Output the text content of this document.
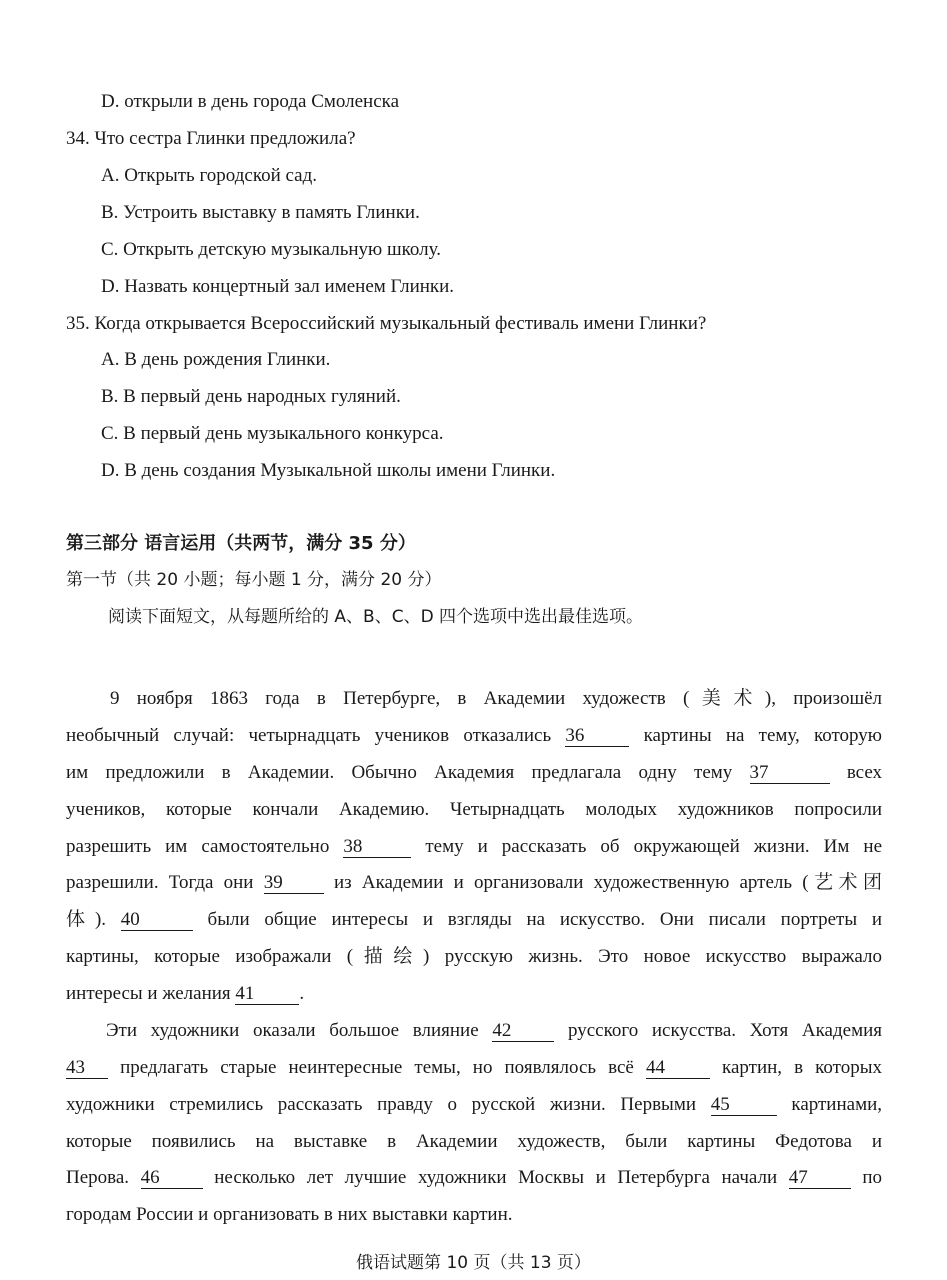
D. открыли в день города Смоленска
34. Что сестра Глинки предложила?
A. Открыть городской сад.
B. Устроить выставку в память Глинки.
C. Открыть детскую музыкальную школу.
D. Назвать концертный зал именем Глинки.
35. Когда открывается Всероссийский музыкальный фестиваль имени Глинки?
A. В день рождения Глинки.
B. В первый день народных гуляний.
C. В первый день музыкального конкурса.
D. В день создания Музыкальной школы имени Глинки.
第三部分 语言运用（共两节，满分 35 分）
第一节（共 20 小题；每小题 1 分，满分 20 分）
阅读下面短文，从每题所给的 A、B、C、D 四个选项中选出最佳选项。
9 ноября 1863 года в Петербурге, в Академии художеств (美术), произошёл
необычный случай: четырнадцать учеников отказались 36	картины на тему, которую
им предложили в Академии. Обычно Академия предлагала одну тему 37	всех
учеников, которые кончали Академию. Четырнадцать молодых художников попросили
разрешить им самостоятельно 38	тему и рассказать об окружающей жизни. Им не
разрешили. Тогда они 39	из Академии и организовали художественную артель (艺术团
体). 40	были общие интересы и взгляды на искусство. Они писали портреты и
картины, которые изображали (描绘) русскую жизнь. Это новое искусство выражало
интересы и желания 41 .
Эти художники оказали большое влияние 42	русского искусства. Хотя Академия
43 предлагать старые неинтересные темы, но появлялось всё 44	картин, в которых
художники стремились рассказать правду о русской жизни. Первыми 45	картинами,
которые появились на выставке в Академии художеств, были картины Федотова и
Перова. 46	несколько лет лучшие художники Москвы и Петербурга начали 47	по
городам России и организовать в них выставки картин.
俄语试题第 10 页（共 13 页）
